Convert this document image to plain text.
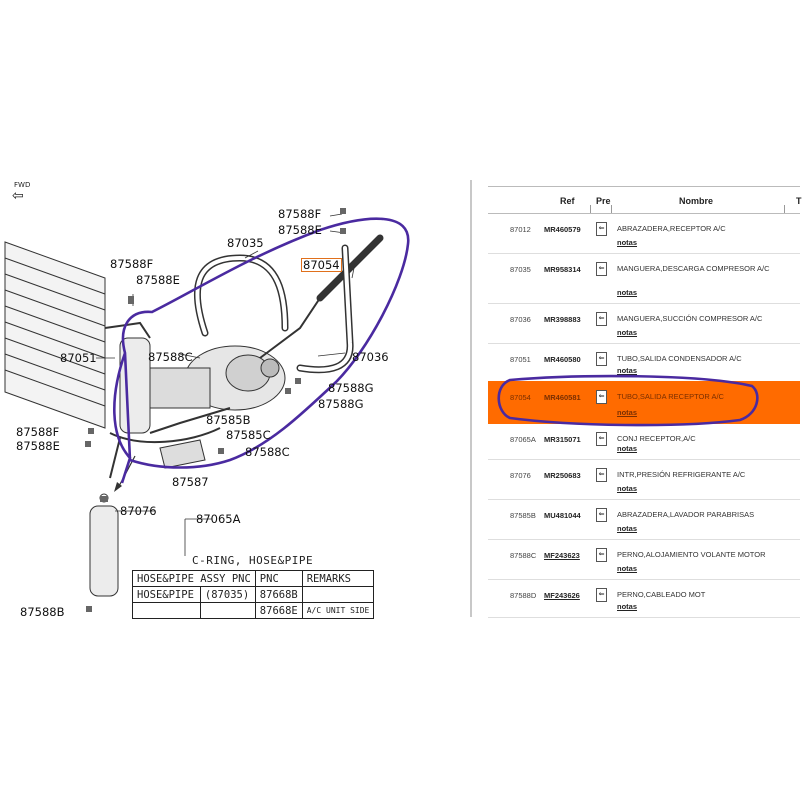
FWD
⇦
87588F
87588E
87035
87054
87588F
87588E
87051	87588C	87036
87588G
87588G
87588F
87588E
87585B
87585C
87588C
87587
87076
87065A
87588B
C-RING, HOSE&PIPE
HOSE&PIPE ASSY PNC		PNC	REMARKS
HOSE&PIPE	(87035)	87668B	
		87668E	A/C UNIT SIDE
Ref Pre	Nombre	T
87012 MR460579	⇐	ABRAZADERA,RECEPTOR A/C
notas
87035 MR958314	⇐	MANGUERA,DESCARGA COMPRESOR A/C
notas
87036 MR398883	⇐	MANGUERA,SUCCIÓN COMPRESOR A/C
notas
87051 MR460580	⇐	TUBO,SALIDA CONDENSADOR A/C
notas
87054 MR460581	⇐	TUBO,SALIDA RECEPTOR A/C
notas
87065A MR315071	⇐	CONJ RECEPTOR,A/C
notas
87076 MR250683	⇐	INTR,PRESIÓN REFRIGERANTE A/C
notas
87585B MU481044	⇐	ABRAZADERA,LAVADOR PARABRISAS
notas
87588C MF243623	⇐	PERNO,ALOJAMIENTO VOLANTE MOTOR
notas
87588D MF243626	⇐	PERNO,CABLEADO MOT
notas
